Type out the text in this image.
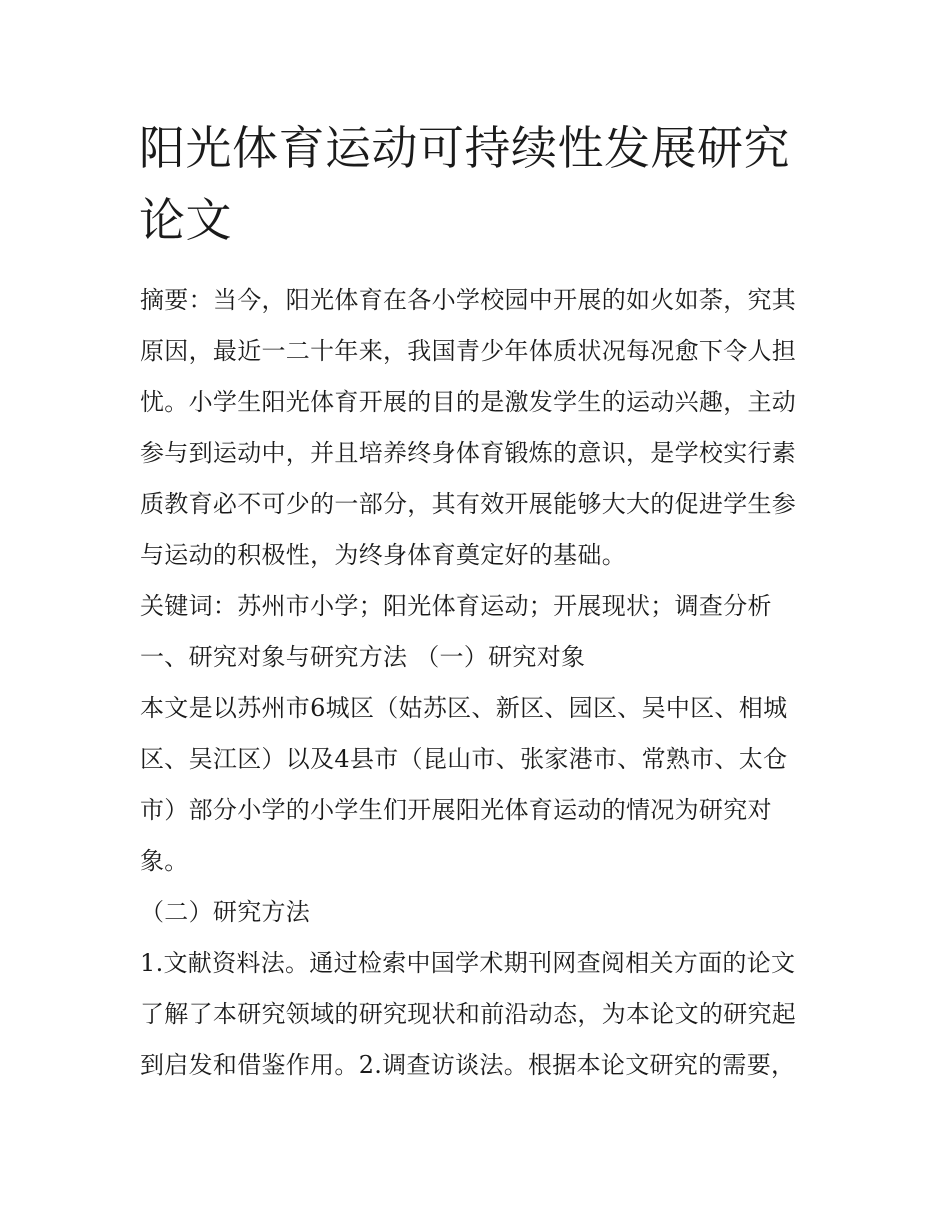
阳光体育运动可持续性发展研究论文

摘要：当今，阳光体育在各小学校园中开展的如火如荼，究其原因，最近一二十年来，我国青少年体质状况每况愈下令人担忧。小学生阳光体育开展的目的是激发学生的运动兴趣，主动参与到运动中，并且培养终身体育锻炼的意识，是学校实行素质教育必不可少的一部分，其有效开展能够大大的促进学生参与运动的积极性，为终身体育奠定好的基础。

关键词：苏州市小学；阳光体育运动；开展现状；调查分析

一、研究对象与研究方法 （一）研究对象

本文是以苏州市6城区（姑苏区、新区、园区、吴中区、相城区、吴江区）以及4县市（昆山市、张家港市、常熟市、太仓市）部分小学的小学生们开展阳光体育运动的情况为研究对象。

（二）研究方法

1.文献资料法。通过检索中国学术期刊网查阅相关方面的论文了解了本研究领域的研究现状和前沿动态，为本论文的研究起到启发和借鉴作用。2.调查访谈法。根据本论文研究的需要，
